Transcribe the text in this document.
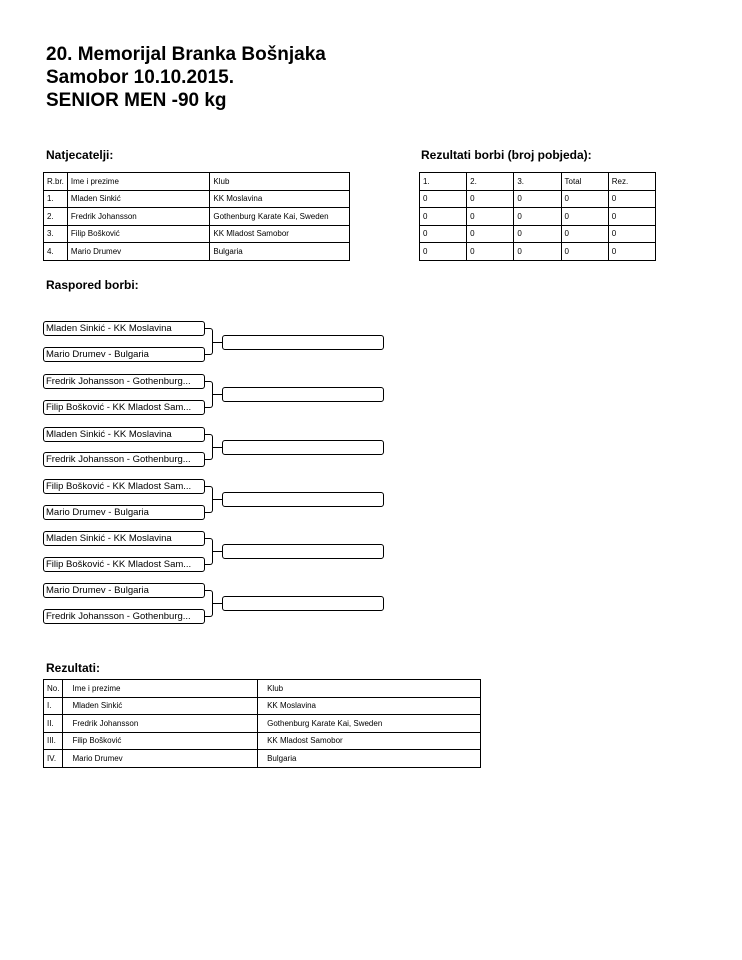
20. Memorijal Branka Bošnjaka
Samobor 10.10.2015.
SENIOR MEN -90 kg
Natjecatelji:
R.br.	Ime i prezime	Klub
1.	Mladen Sinkić	KK Moslavina
2.	Fredrik Johansson	Gothenburg Karate Kai, Sweden
3.	Filip Bošković	KK Mladost Samobor
4.	Mario Drumev	Bulgaria
Rezultati borbi (broj pobjeda):
1.	2.	3.	Total	Rez.
0	0	0	0	0
0	0	0	0	0
0	0	0	0	0
0	0	0	0	0
Raspored borbi:
Mladen Sinkić - KK Moslavina
Mario Drumev - Bulgaria
Fredrik Johansson - Gothenburg...
Filip Bošković - KK Mladost Sam...
Mladen Sinkić - KK Moslavina
Fredrik Johansson - Gothenburg...
Filip Bošković - KK Mladost Sam...
Mario Drumev - Bulgaria
Mladen Sinkić - KK Moslavina
Filip Bošković - KK Mladost Sam...
Mario Drumev - Bulgaria
Fredrik Johansson - Gothenburg...
Rezultati:
No.	Ime i prezime	Klub
I.	Mladen Sinkić	KK Moslavina
II.	Fredrik Johansson	Gothenburg Karate Kai, Sweden
III.	Filip Bošković	KK Mladost Samobor
IV.	Mario Drumev	Bulgaria
